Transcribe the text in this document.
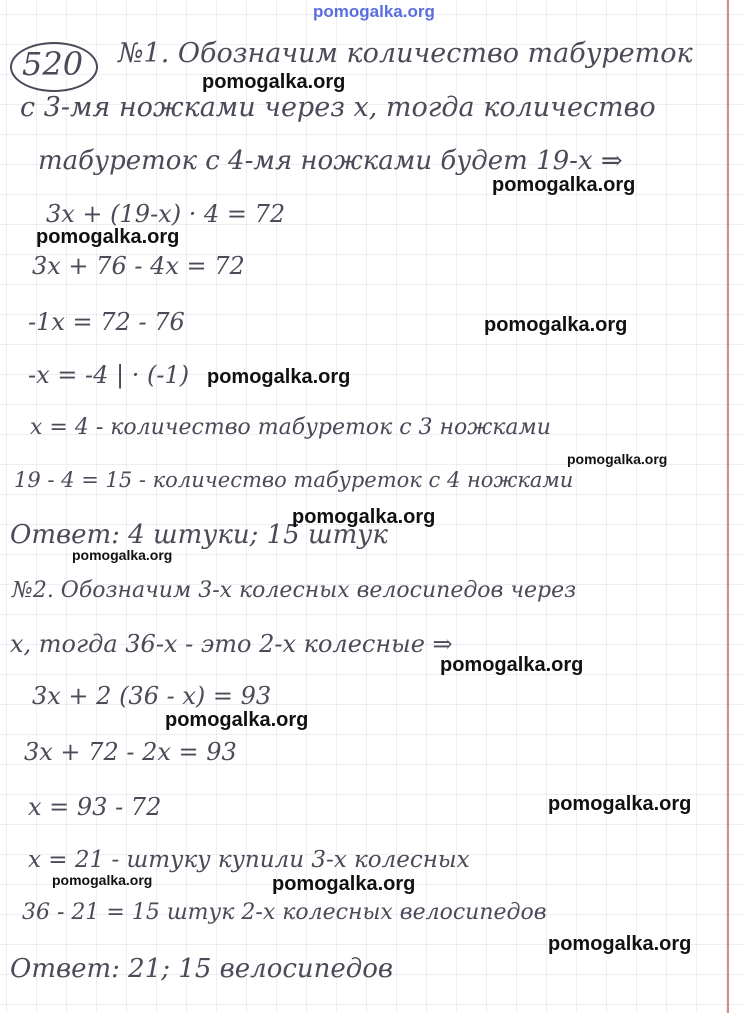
pomogalka.org
520 №1. Обозначим количество табуреток
с 3-мя ножками через x, тогда количество
табуреток с 4-мя ножками будет 19-x ⇒
3x + (19-x) · 4 = 72
3x + 76 - 4x = 72
-1x = 72 - 76
-x = -4 | · (-1)
x = 4 - количество табуреток с 3 ножками
19 - 4 = 15 - количество табуреток с 4 ножками
Ответ: 4 штуки; 15 штук
№2. Обозначим 3-х колесных велосипедов через
x, тогда 36-x - это 2-х колесные ⇒
3x + 2 (36 - x) = 93
3x + 72 - 2x = 93
x = 93 - 72
x = 21 - штуку купили 3-х колесных
36 - 21 = 15 штук 2-х колесных велосипедов
Ответ: 21; 15 велосипедов
pomogalka.org
pomogalka.org
pomogalka.org
pomogalka.org
pomogalka.org
pomogalka.org
pomogalka.org
pomogalka.org
pomogalka.org
pomogalka.org
pomogalka.org
pomogalka.org	pomogalka.org
pomogalka.org
